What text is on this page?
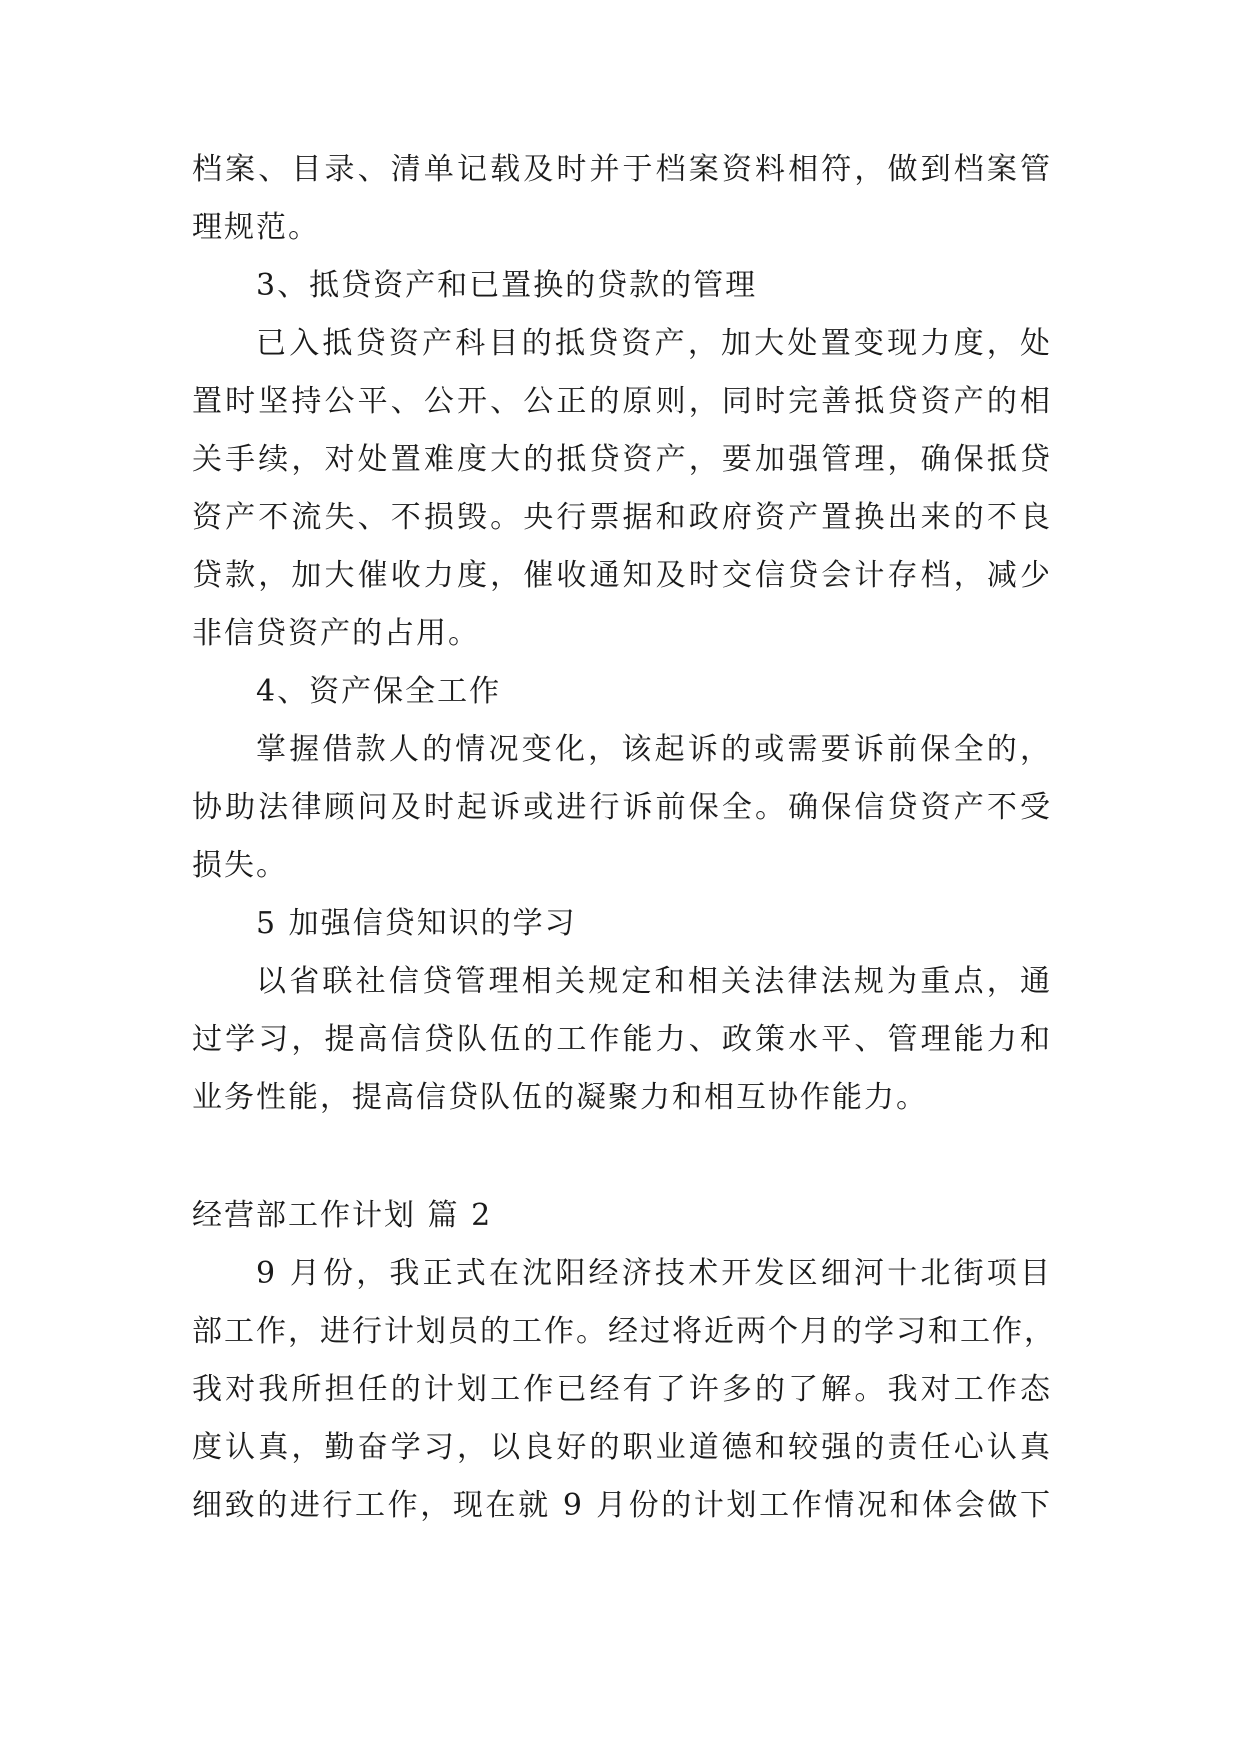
档案、目录、清单记载及时并于档案资料相符，做到档案管
理规范。
3、抵贷资产和已置换的贷款的管理
已入抵贷资产科目的抵贷资产，加大处置变现力度，处
置时坚持公平、公开、公正的原则，同时完善抵贷资产的相
关手续，对处置难度大的抵贷资产，要加强管理，确保抵贷
资产不流失、不损毁。央行票据和政府资产置换出来的不良
贷款，加大催收力度，催收通知及时交信贷会计存档，减少
非信贷资产的占用。
4、资产保全工作
掌握借款人的情况变化，该起诉的或需要诉前保全的，
协助法律顾问及时起诉或进行诉前保全。确保信贷资产不受
损失。
5 加强信贷知识的学习
以省联社信贷管理相关规定和相关法律法规为重点，通
过学习，提高信贷队伍的工作能力、政策水平、管理能力和
业务性能，提高信贷队伍的凝聚力和相互协作能力。
经营部工作计划 篇 2
9 月份，我正式在沈阳经济技术开发区细河十北街项目
部工作，进行计划员的工作。经过将近两个月的学习和工作，
我对我所担任的计划工作已经有了许多的了解。我对工作态
度认真，勤奋学习，以良好的职业道德和较强的责任心认真
细致的进行工作，现在就 9 月份的计划工作情况和体会做下
